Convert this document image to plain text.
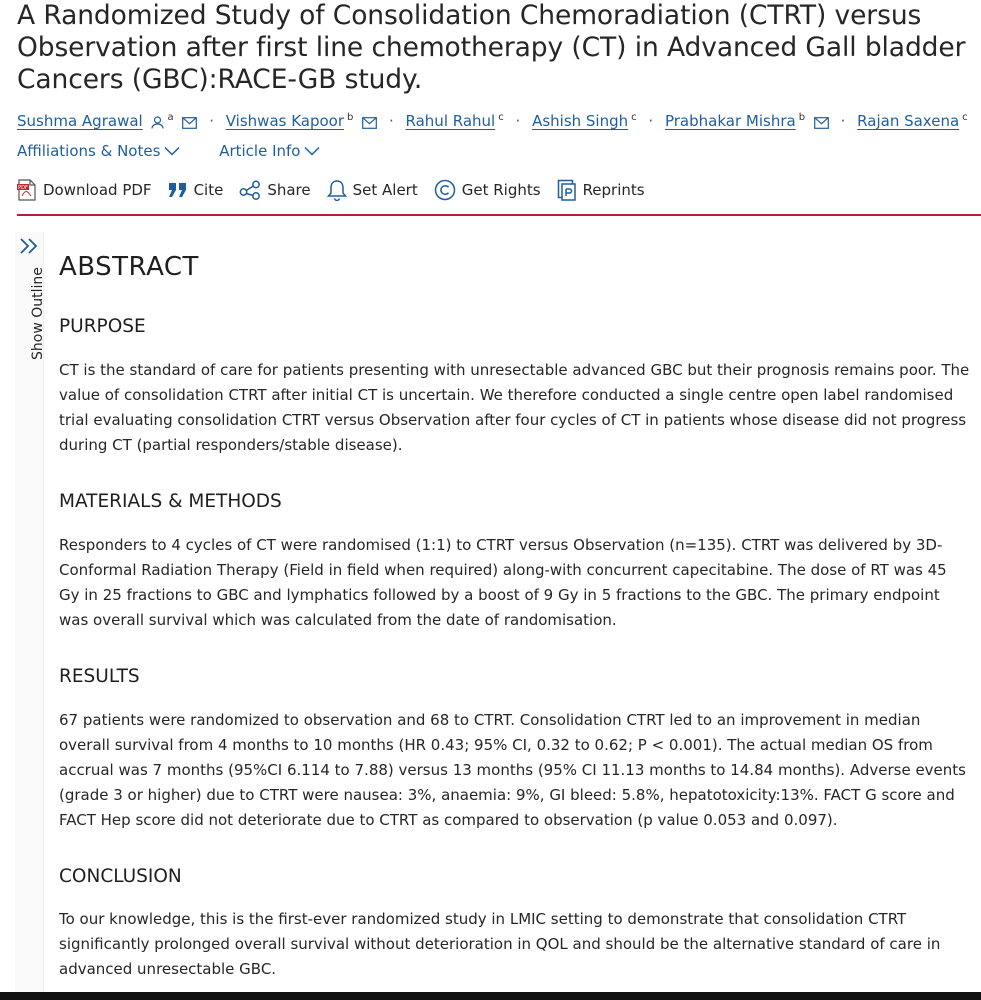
A Randomized Study of Consolidation Chemoradiation (CTRT) versus Observation after first line chemotherapy (CT) in Advanced Gall bladder Cancers (GBC):RACE-GB study.
Sushma Agrawal $^a$ · Vishwas Kapoor $^b$ · Rahul Rahul $^c$ · Ashish Singh $^c$ · Prabhakar Mishra $^b$ · Rajan Saxena $^c$
Affiliations & Notes
	Article Info
PDF Download PDF	Cite	Share	Set Alert	Get Rights	Reprints
Show Outline
ABSTRACT
PURPOSE

CT is the standard of care for patients presenting with unresectable advanced GBC but their prognosis remains poor. The value of consolidation CTRT after initial CT is uncertain. We therefore conducted a single centre open label randomised trial evaluating consolidation CTRT versus Observation after four cycles of CT in patients whose disease did not progress during CT (partial responders/stable disease).

MATERIALS & METHODS

Responders to 4 cycles of CT were randomised (1:1) to CTRT versus Observation (n=135). CTRT was delivered by 3D-Conformal Radiation Therapy (Field in field when required) along-with concurrent capecitabine. The dose of RT was 45 Gy in 25 fractions to GBC and lymphatics followed by a boost of 9 Gy in 5 fractions to the GBC. The primary endpoint was overall survival which was calculated from the date of randomisation.

RESULTS

67 patients were randomized to observation and 68 to CTRT. Consolidation CTRT led to an improvement in median overall survival from 4 months to 10 months (HR 0.43; 95% CI, 0.32 to 0.62; P < 0.001). The actual median OS from accrual was 7 months (95%CI 6.114 to 7.88) versus 13 months (95% CI 11.13 months to 14.84 months). Adverse events (grade 3 or higher) due to CTRT were nausea: 3%, anaemia: 9%, GI bleed: 5.8%, hepatotoxicity:13%. FACT G score and FACT Hep score did not deteriorate due to CTRT as compared to observation (p value 0.053 and 0.097).

CONCLUSION

To our knowledge, this is the first-ever randomized study in LMIC setting to demonstrate that consolidation CTRT significantly prolonged overall survival without deterioration in QOL and should be the alternative standard of care in advanced unresectable GBC.
